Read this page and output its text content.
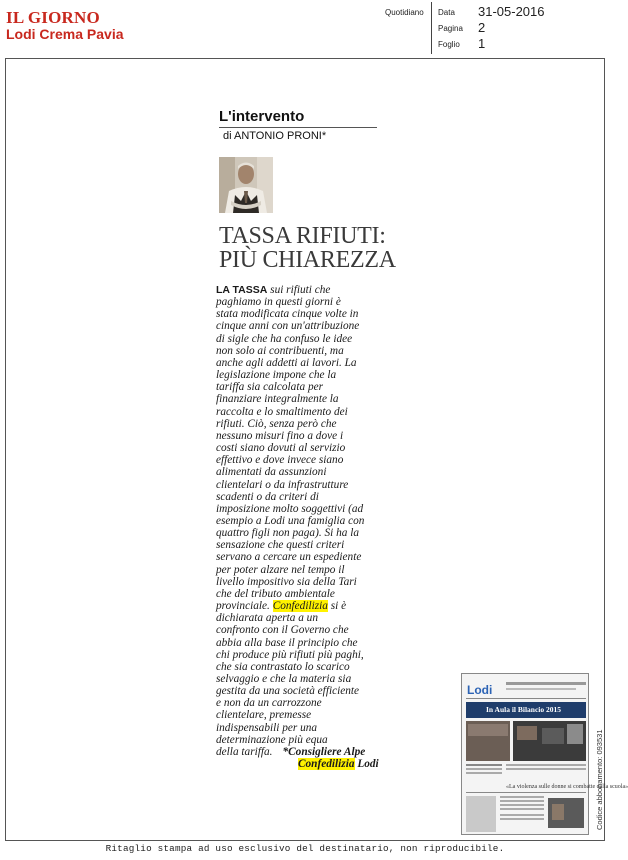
IL GIORNO
Lodi Crema Pavia
Quotidiano Data 31-05-2016
Pagina 2
Foglio 1
L'intervento
di ANTONIO PRONI*
TASSA RIFIUTI:
PIÙ CHIAREZZA
LA TASSA sui rifiuti che
paghiamo in questi giorni è
stata modificata cinque volte in
cinque anni con un'attribuzione
di sigle che ha confuso le idee
non solo ai contribuenti, ma
anche agli addetti ai lavori. La
legislazione impone che la
tariffa sia calcolata per
finanziare integralmente la
raccolta e lo smaltimento dei
rifiuti. Ciò, senza però che
nessuno misuri fino a dove i
costi siano dovuti al servizio
effettivo e dove invece siano
alimentati da assunzioni
clientelari o da infrastrutture
scadenti o da criteri di
imposizione molto soggettivi (ad
esempio a Lodi una famiglia con
quattro figli non paga). Si ha la
sensazione che questi criteri
servano a cercare un espediente
per poter alzare nel tempo il
livello impositivo sia della Tari
che del tributo ambientale
provinciale. Confedilizia si è
dichiarata aperta a un
confronto con il Governo che
abbia alla base il principio che
chi produce più rifiuti più paghi,
che sia contrastato lo scarico
selvaggio e che la materia sia
gestita da una società efficiente
e non da un carrozzone
clientelare, premesse
indispensabili per una
determinazione più equa
della tariffa. *Consigliere Alpe
Confedilizia Lodi
Lodi
In Aula il Bilancio 2015
«La violenza sulle donne si combatte dalla scuola»
Codice abbonamento: 093531
Ritaglio stampa ad uso esclusivo del destinatario, non riproducibile.
